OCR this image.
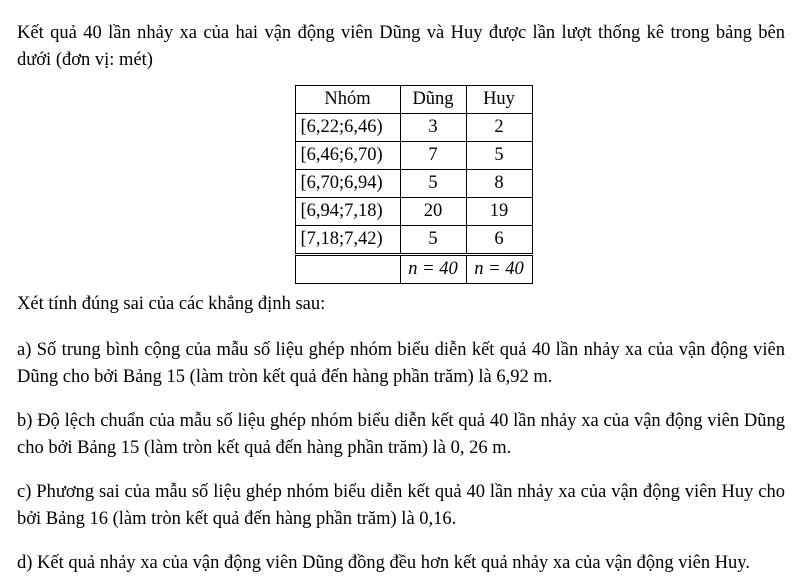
Kết quả 40 lần nhảy xa của hai vận động viên Dũng và Huy được lần lượt thống kê trong bảng bên dưới (đơn vị: mét)

Nhóm	Dũng	Huy
[6,22;6,46)	3	2
[6,46;6,70)	7	5
[6,70;6,94)	5	8
[6,94;7,18)	20	19
[7,18;7,42)	5	6
	n = 40	n = 40

Xét tính đúng sai của các khẳng định sau:

a) Số trung bình cộng của mẫu số liệu ghép nhóm biểu diễn kết quả 40 lần nhảy xa của vận động viên Dũng cho bởi Bảng 15 (làm tròn kết quả đến hàng phần trăm) là 6,92 m.

b) Độ lệch chuẩn của mẫu số liệu ghép nhóm biểu diễn kết quả 40 lần nhảy xa của vận động viên Dũng cho bởi Bảng 15 (làm tròn kết quả đến hàng phần trăm) là 0, 26 m.

c) Phương sai của mẫu số liệu ghép nhóm biểu diễn kết quả 40 lần nhảy xa của vận động viên Huy cho bởi Bảng 16 (làm tròn kết quả đến hàng phần trăm) là 0,16.

d) Kết quả nhảy xa của vận động viên Dũng đồng đều hơn kết quả nhảy xa của vận động viên Huy.
